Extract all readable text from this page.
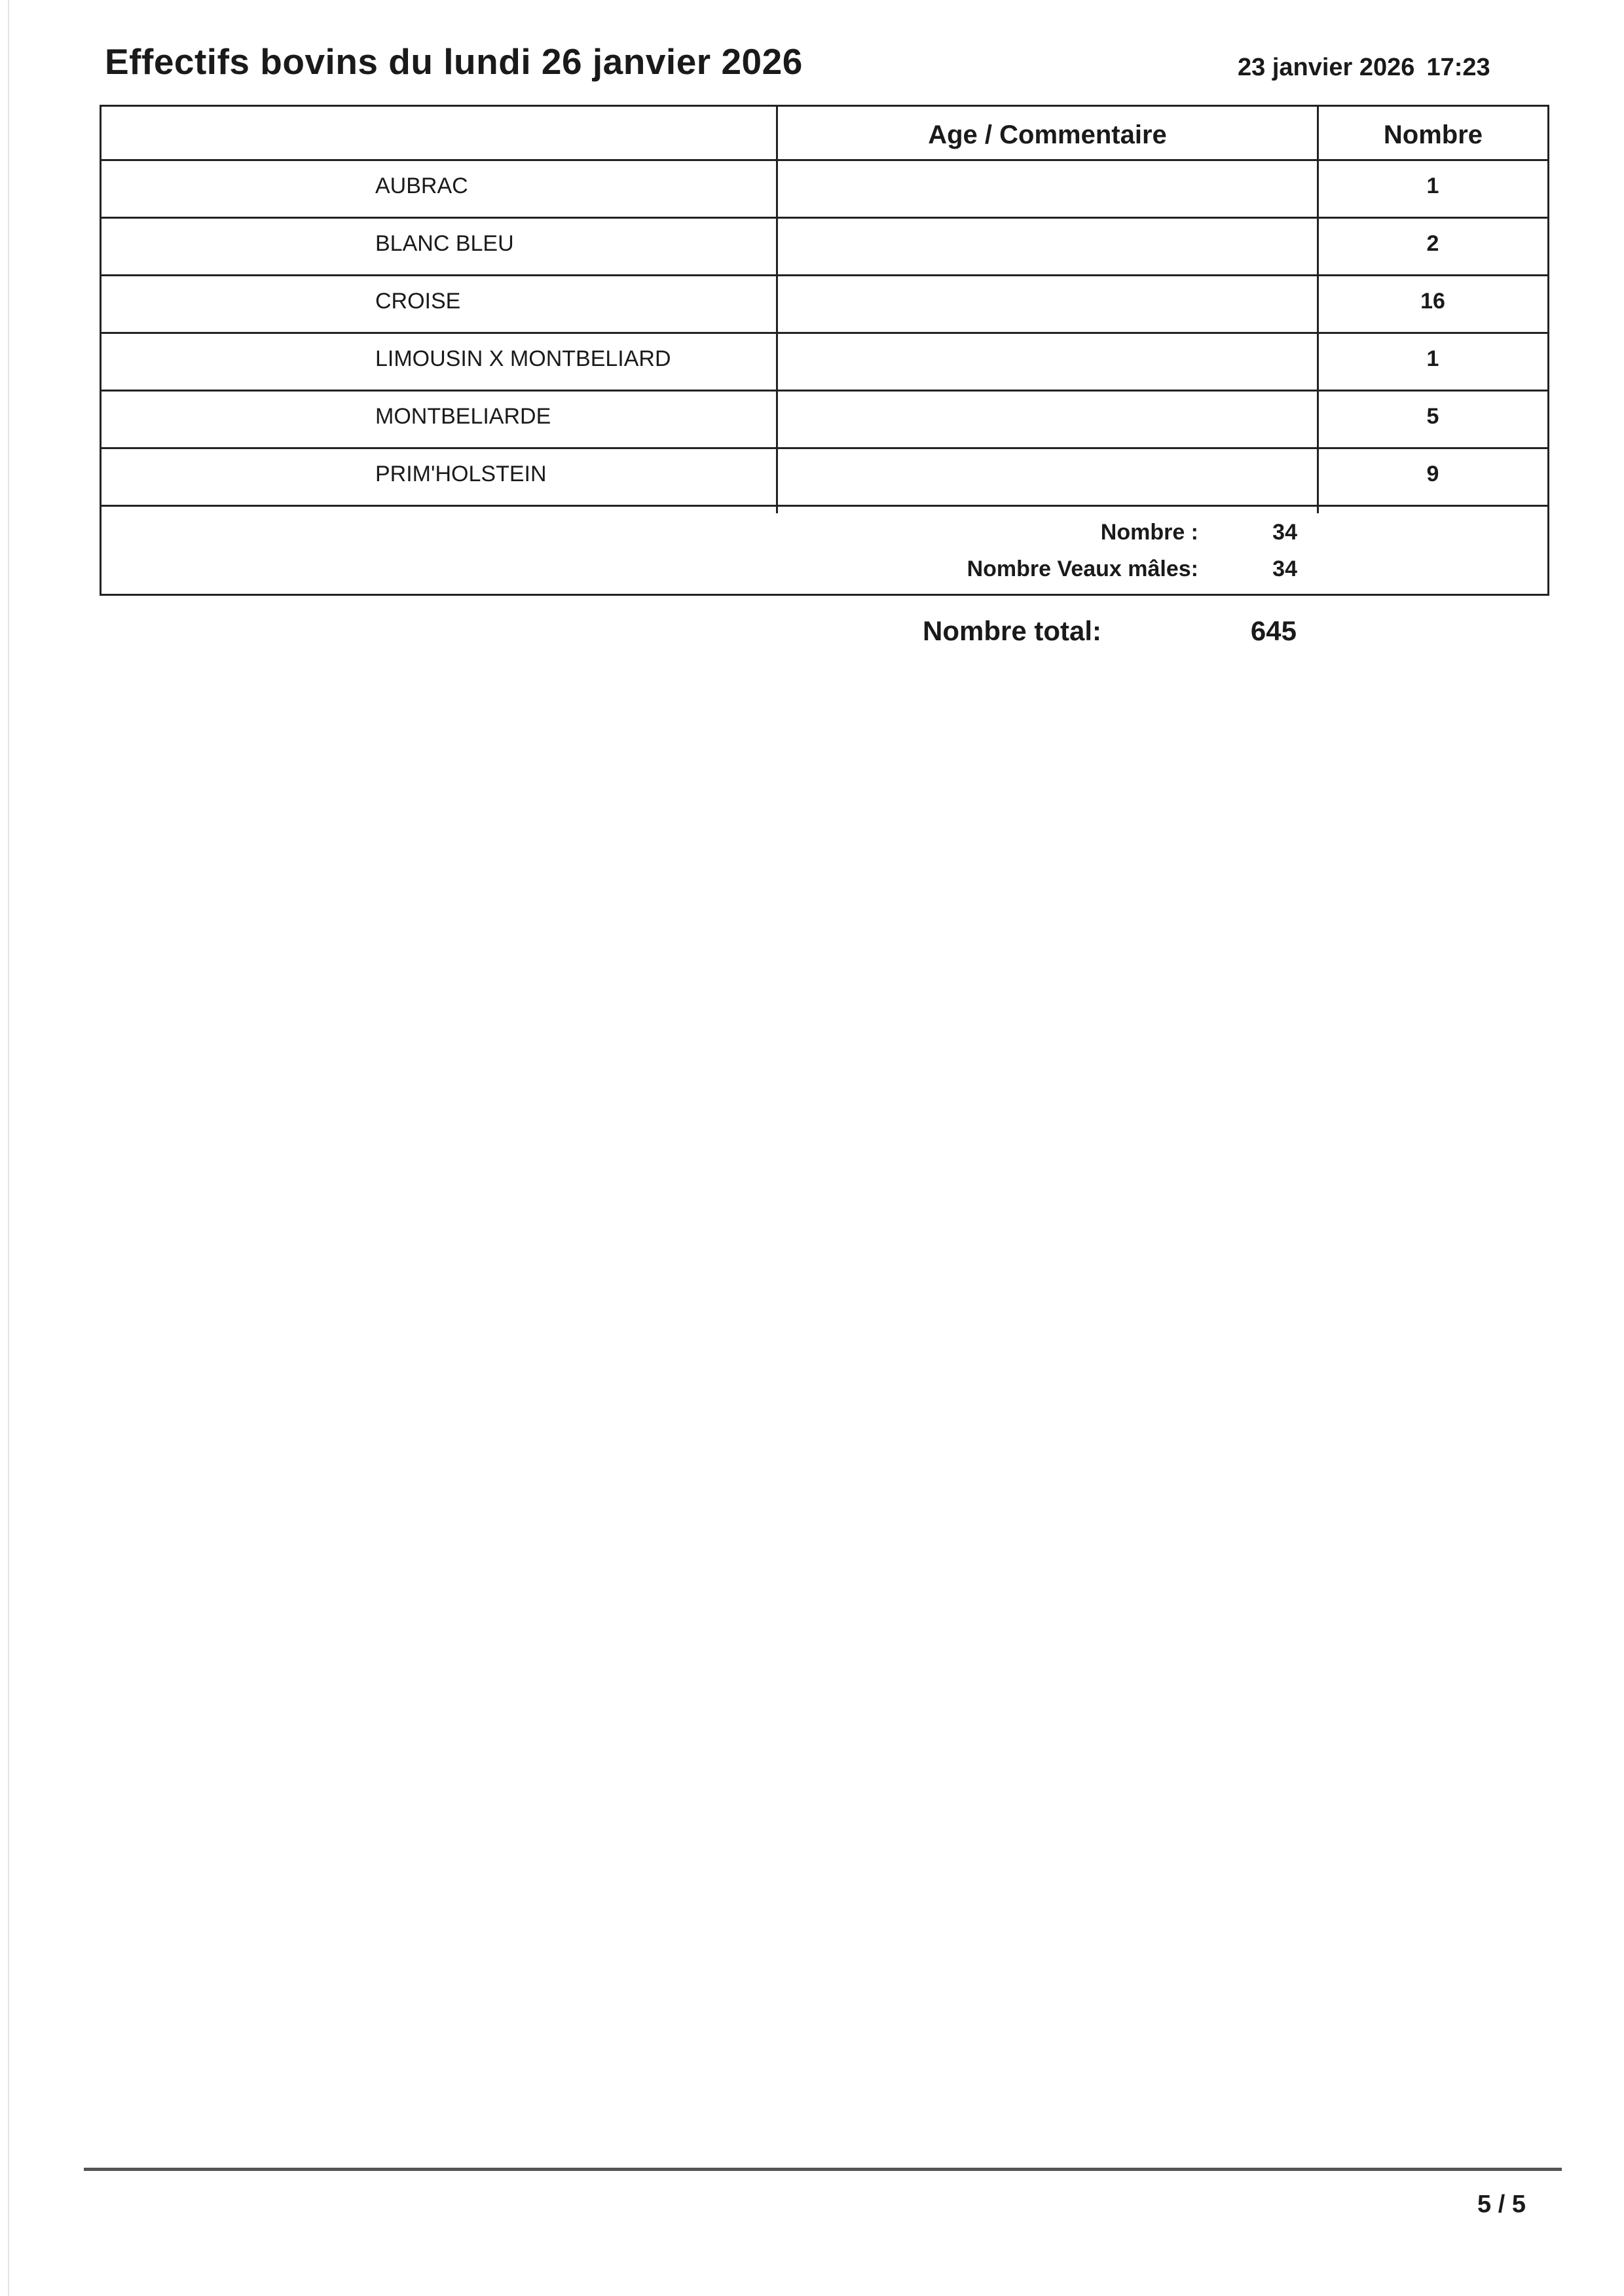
Effectifs bovins du lundi 26 janvier 2026	23 janvier 2026 17:23
Age / Commentaire	Nombre
AUBRAC	1
BLANC BLEU	2
CROISE	16
LIMOUSIN X MONTBELIARD	1
MONTBELIARDE	5
PRIM'HOLSTEIN	9
Nombre :	34
Nombre Veaux mâles:	34
Nombre total:	645
5 / 5
